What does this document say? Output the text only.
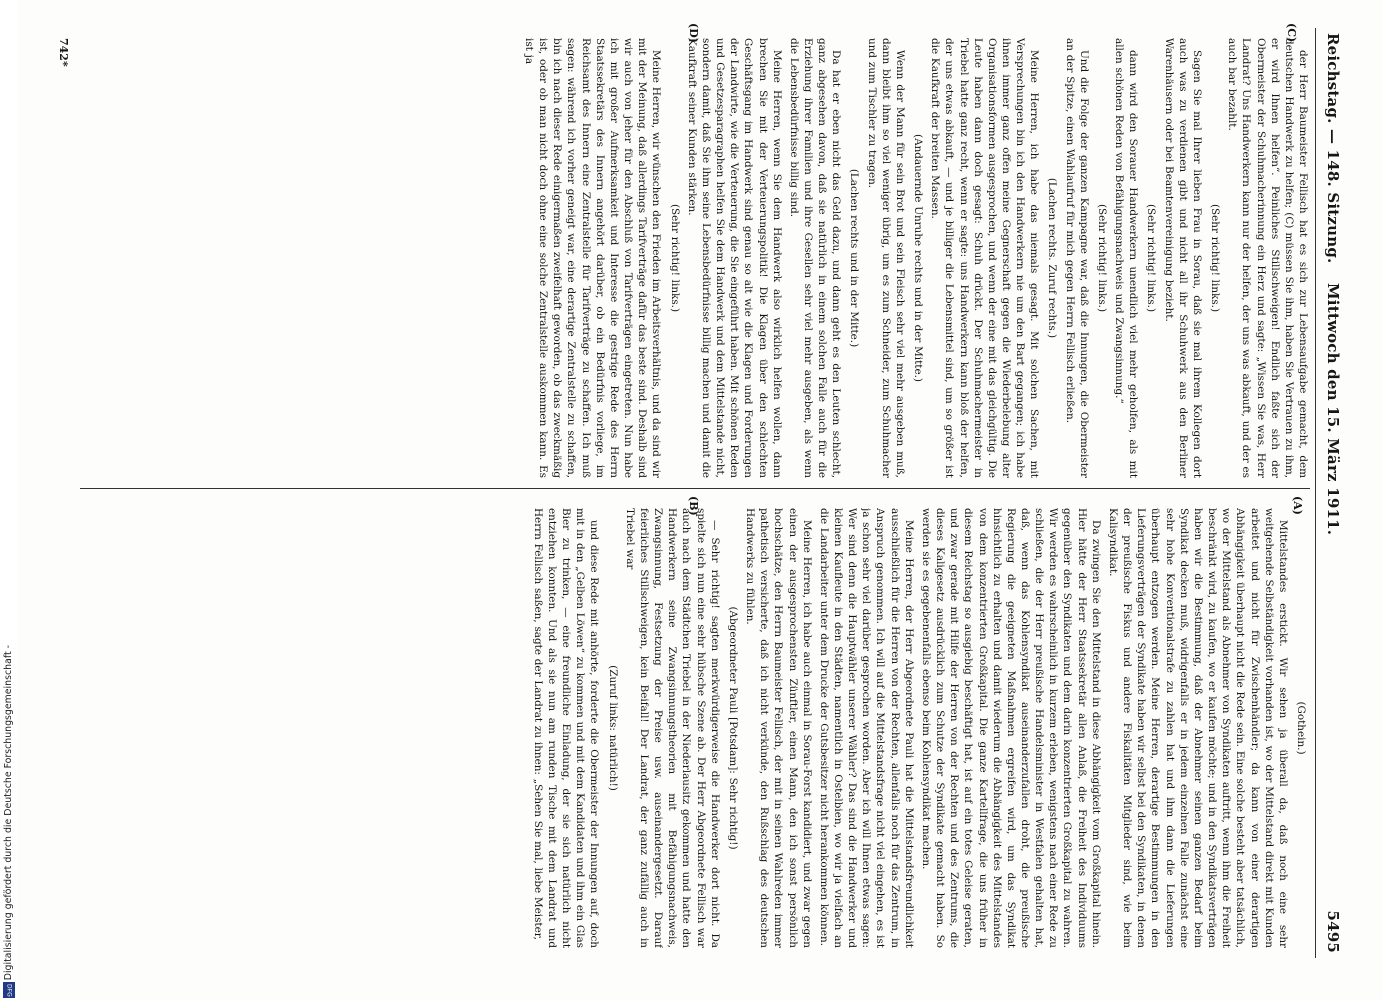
Digitalisierung gefördert durch die Deutsche Forschungsgemeinschaft -
DFG
Reichstag. — 148. Sitzung.
Mittwoch den 15. März 1911.
5495
(A)
(B)
(C)
(D)

(Gothein.)

Mittelstandes erstickt. Wir sehen ja überall da, daß noch eine sehr weitgehende Selbständigkeit vorhanden ist, wo der Mittelstand direkt mit Kunden arbeitet und nicht für Zwischenhändler; da kann von einer derartigen Abhängigkeit überhaupt nicht die Rede sein. Eine solche besteht aber tatsächlich, wo der Mittelstand als Abnehmer von Syndikaten auftritt, wenn ihm die Freiheit beschränkt wird, zu kaufen, wo er kaufen möchte; und in den Syndikatsverträgen haben wir die Bestimmung, daß der Abnehmer seinen ganzen Bedarf beim Syndikat decken muß, widrigenfalls er in jedem einzelnen Falle zunächst eine sehr hohe Konventionalstrafe zu zahlen hat und ihm dann die Lieferungen überhaupt entzogen werden. Meine Herren, derartige Bestimmungen in den Lieferungsverträgen der Syndikate haben wir selbst bei den Syndikaten, in denen der preußische Fiskus und andere Fiskalitäten Mitglieder sind, wie beim Kalisyndikat.

Da zwingen Sie den Mittelstand in diese Abhängigkeit vom Großkapital hinein. Hier hätte der Herr Staatssekretär allen Anlaß, die Freiheit des Individuums gegenüber den Syndikaten und dem darin konzentrierten Großkapital zu wahren. Wir werden es wahrscheinlich in kurzem erleben, wenigstens nach einer Rede zu schließen, die der Herr preußische Handelsminister in Westfalen gehalten hat, daß, wenn das Kohlensyndikat auseinanderzufallen droht, die preußische Regierung die geeigneten Maßnahmen ergreifen wird, um das Syndikat hinsichtlich zu erhalten und damit wiederum die Abhängigkeit des Mittelstandes von dem konzentrierten Großkapital. Die ganze Kartellfrage, die uns früher in diesem Reichstag so ausgiebig beschäftigt hat, ist auf ein totes Geleise geraten, und zwar gerade mit Hilfe der Herren von der Rechten und des Zentrums, die dieses Kaligesetz ausdrücklich zum Schutze der Syndikate gemacht haben. So werden sie es gegebenenfalls ebenso beim Kohlensyndikat machen.

Meine Herren, der Herr Abgeordnete Pauli hat die Mittelstandsfreundlichkeit ausschließlich für die Herren von der Rechten, allenfalls noch für das Zentrum, in Anspruch genommen. Ich will auf die Mittelstandsfrage nicht viel eingehen, es ist ja schon sehr viel darüber gesprochen worden. Aber ich will Ihnen etwas sagen: Wer sind denn die Hauptwähler unserer Wähler? Das sind die Handwerker und kleinen Kaufleute in den Städten, namentlich in Ostelbien, wo wir ja vielfach an die Landarbeiter unter dem Drucke der Gutsbesitzer nicht herankommen können.

Meine Herren, ich habe auch einmal in Sorau-Forst kandidiert, und zwar gegen einen der ausgesprochensten Zünftler, einen Mann, den ich sonst persönlich hochschätze, den Herrn Baumeister Fellisch, der mit in seinen Wahlreden immer pathetisch versicherte, daß ich nicht verkünde, den Rußschlag des deutschen Handwerks zu fühlen.

(Abgeordneter Pauli [Potsdam]: Sehr richtig!)

— Sehr richtig! sagten merkwürdigerweise die Handwerker dort nicht. Da spielte sich nun eine sehr hübsche Szene ab. Der Herr Abgeordnete Fellisch war auch nach dem Städtchen Triebel in der Niederlausitz gekommen und hatte den Handwerkern seine Zwangsinnungstheorien mit Befähigungsnachweis, Zwangsinnung, Festsetzung der Preise usw. auseinandergesetzt. Darauf feierliches Stillschweigen, kein Beifall! Der Landrat, der ganz zufällig auch in Triebel war

(Zuruf links: natürlich!)

und diese Rede mit anhörte, forderte die Obermeister der Innungen auf, doch mit in den „Gelben Löwen“ zu kommen und mit dem Kandidaten und ihm ein Glas Bier zu trinken, — eine freundliche Einladung, der sie sich natürlich nicht entziehen konnten. Und als sie nun am runden Tische mit dem Landrat und Herrn Fellisch saßen, sagte der Landrat zu ihnen: „Sehen Sie mal, liebe Meister,

der Herr Baumeister Fellisch hat es sich zur Lebensaufgabe gemacht, dem deutschen Handwerk zu helfen; (C) müssen Sie ihm, haben Sie Vertrauen zu ihm, er wird Ihnen helfen“. Peinliches Stillschweigen! Endlich faßte sich der Obermeister der Schuhmacherinnung ein Herz und sagte: „Wissen Sie was, Herr Landrat? Uns Handwerkern kann nur der helfen, der uns was abkauft, und der es auch bar bezahlt.

(Sehr richtig! links.)

Sagen Sie mal Ihrer lieben Frau in Sorau, daß sie mal ihrem Kollegen dort auch was zu verdienen gibt und nicht all ihr Schuhwerk aus den Berliner Warenhäusern oder bei Beamtenvereinigung bezieht.

(Sehr richtig! links.)

dann wird den Sorauer Handwerkern unendlich viel mehr geholfen, als mit allen schönen Reden von Befähigungsnachweis und Zwangsinnung.“

(Sehr richtig! links.)

Und die Folge der ganzen Kampagne war, daß die Innungen, die Obermeister an der Spitze, einen Wahlaufruf für mich gegen Herrn Fellisch erließen.

(Lachen rechts. Zuruf rechts.)

Meine Herren, ich habe das niemals gesagt. Mit solchen Sachen, mit Versprechungen bin ich den Handwerkern nie um den Bart gegangen; ich habe ihnen immer ganz offen meine Gegnerschaft gegen die Wiederbelebung alter Organisationsformen ausgesprochen, und wenn der eine mit das gleichgültig. Die Leute haben dann doch gesagt: Schuh drückt. Der Schuhmachermeister in Triebel hatte ganz recht, wenn er sagte: uns Handwerkern kann bloß der helfen, der uns etwas abkauft, — und je billiger die Lebensmittel sind, um so größer ist die Kaufkraft der breiten Massen.

(Andauernde Unruhe rechts und in der Mitte.)

Wenn der Mann für sein Brot und sein Fleisch sehr viel mehr ausgeben muß, dann bleibt ihm so viel weniger übrig, um es zum Schneider, zum Schuhmacher und zum Tischler zu tragen.

(Lachen rechts und in der Mitte.)

Da hat er eben nicht das Geld dazu, und dann geht es den Leuten schlecht, ganz abgesehen davon, daß sie natürlich in einem solchen Falle auch für die Erziehung ihrer Familien und ihre Gesellen sehr viel mehr ausgeben, als wenn die Lebensbedürfnisse billig sind.

Meine Herren, wenn Sie dem Handwerk also wirklich helfen wollen, dann brechen Sie mit der Verteuerungspolitik! Die Klagen über den schlechten Geschäftsgang im Handwerk sind genau so alt wie die Klagen und Forderungen der Landwirte, wie die Verteuerung, die Sie eingeführt haben. Mit schönen Reden und Gesetzesparagraphen helfen Sie dem Handwerk und dem Mittelstande nicht, sondern damit, daß Sie ihm seine Lebensbedürfnisse billig machen und damit die Kaufkraft seiner Kunden stärken.

(Sehr richtig! links.)

Meine Herren, wir wünschen den Frieden im Arbeitsverhältnis, und da sind wir mit der Meinung, daß allerdings Tarifverträge dafür das beste sind. Deshalb sind wir auch von jeher für den Abschluß von Tarifverträgen eingetreten. Nun habe ich mit großer Aufmerksamkeit und Interesse die gestrige Rede des Herrn Staatssekretärs des Innern angehört darüber, ob ein Bedürfnis vorliege, im Reichsamt des Innern eine Zentralstelle für Tarifverträge zu schaffen. Ich muß sagen: während ich vorher geneigt war, eine derartige Zentralstelle zu schaffen, bin ich nach dieser Rede einigermaßen zweifelhaft geworden, ob das zweckmäßig ist, oder ob man nicht doch ohne eine solche Zentralstelle auskommen kann. Es ist ja

742*
